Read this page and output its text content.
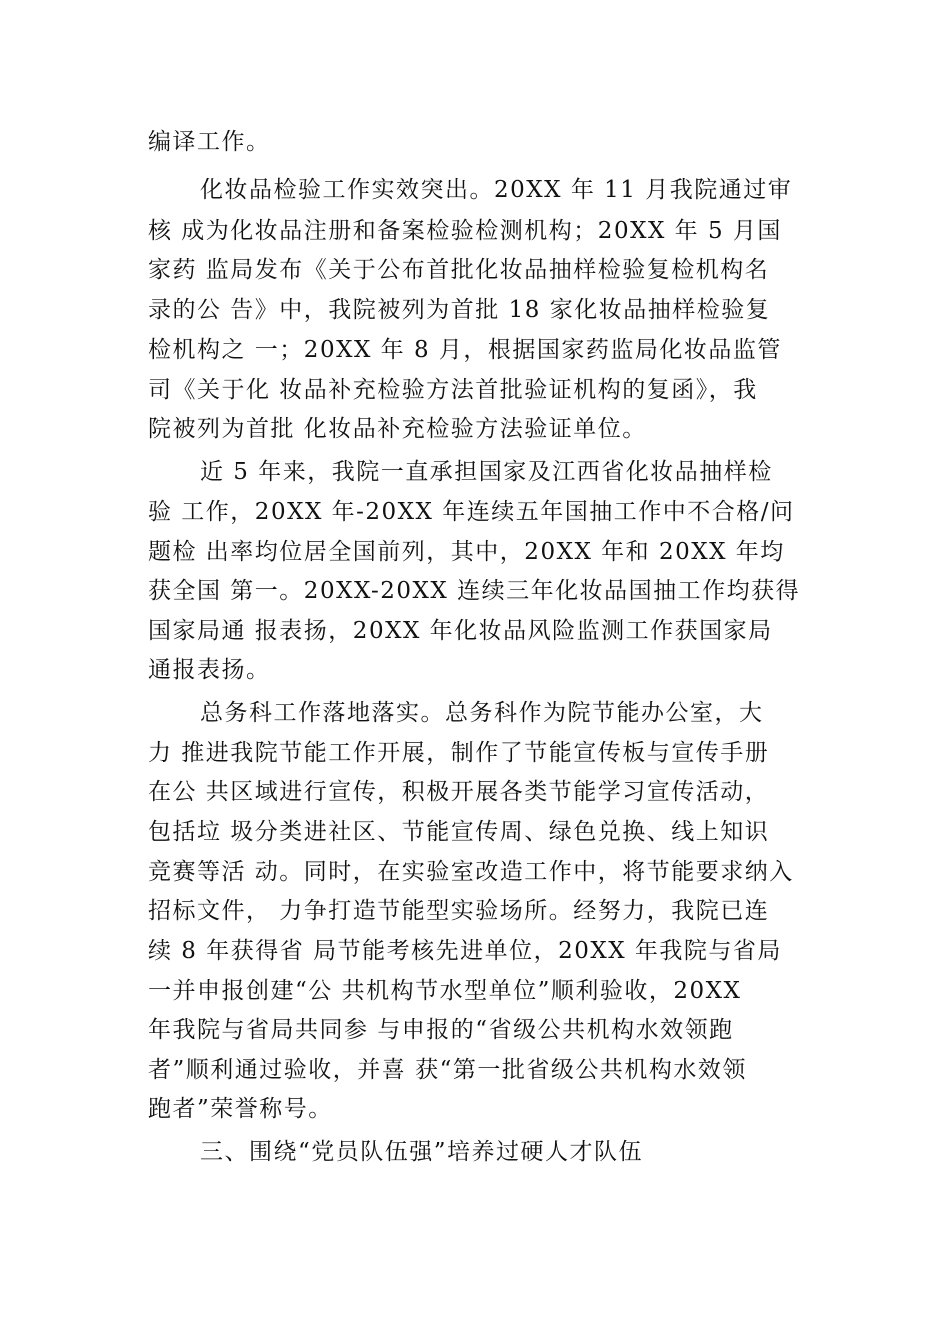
编译工作。
化妆品检验工作实效突出。20XX 年 11 月我院通过审
核 成为化妆品注册和备案检验检测机构；20XX 年 5 月国
家药 监局发布《关于公布首批化妆品抽样检验复检机构名
录的公 告》中，我院被列为首批 18 家化妆品抽样检验复
检机构之 一；20XX 年 8 月，根据国家药监局化妆品监管
司《关于化 妆品补充检验方法首批验证机构的复函》，我
院被列为首批 化妆品补充检验方法验证单位。
近 5 年来，我院一直承担国家及江西省化妆品抽样检
验 工作，20XX 年-20XX 年连续五年国抽工作中不合格/问
题检 出率均位居全国前列，其中，20XX 年和 20XX 年均
获全国 第一。20XX-20XX 连续三年化妆品国抽工作均获得
国家局通 报表扬，20XX 年化妆品风险监测工作获国家局
通报表扬。
总务科工作落地落实。总务科作为院节能办公室，大
力 推进我院节能工作开展，制作了节能宣传板与宣传手册
在公 共区域进行宣传，积极开展各类节能学习宣传活动，
包括垃 圾分类进社区、节能宣传周、绿色兑换、线上知识
竞赛等活 动。同时，在实验室改造工作中，将节能要求纳入
招标文件， 力争打造节能型实验场所。经努力，我院已连
续 8 年获得省 局节能考核先进单位，20XX 年我院与省局
一并申报创建“公 共机构节水型单位”顺利验收，20XX
年我院与省局共同参 与申报的“省级公共机构水效领跑
者”顺利通过验收，并喜 获“第一批省级公共机构水效领
跑者”荣誉称号。
三、围绕“党员队伍强”培养过硬人才队伍
